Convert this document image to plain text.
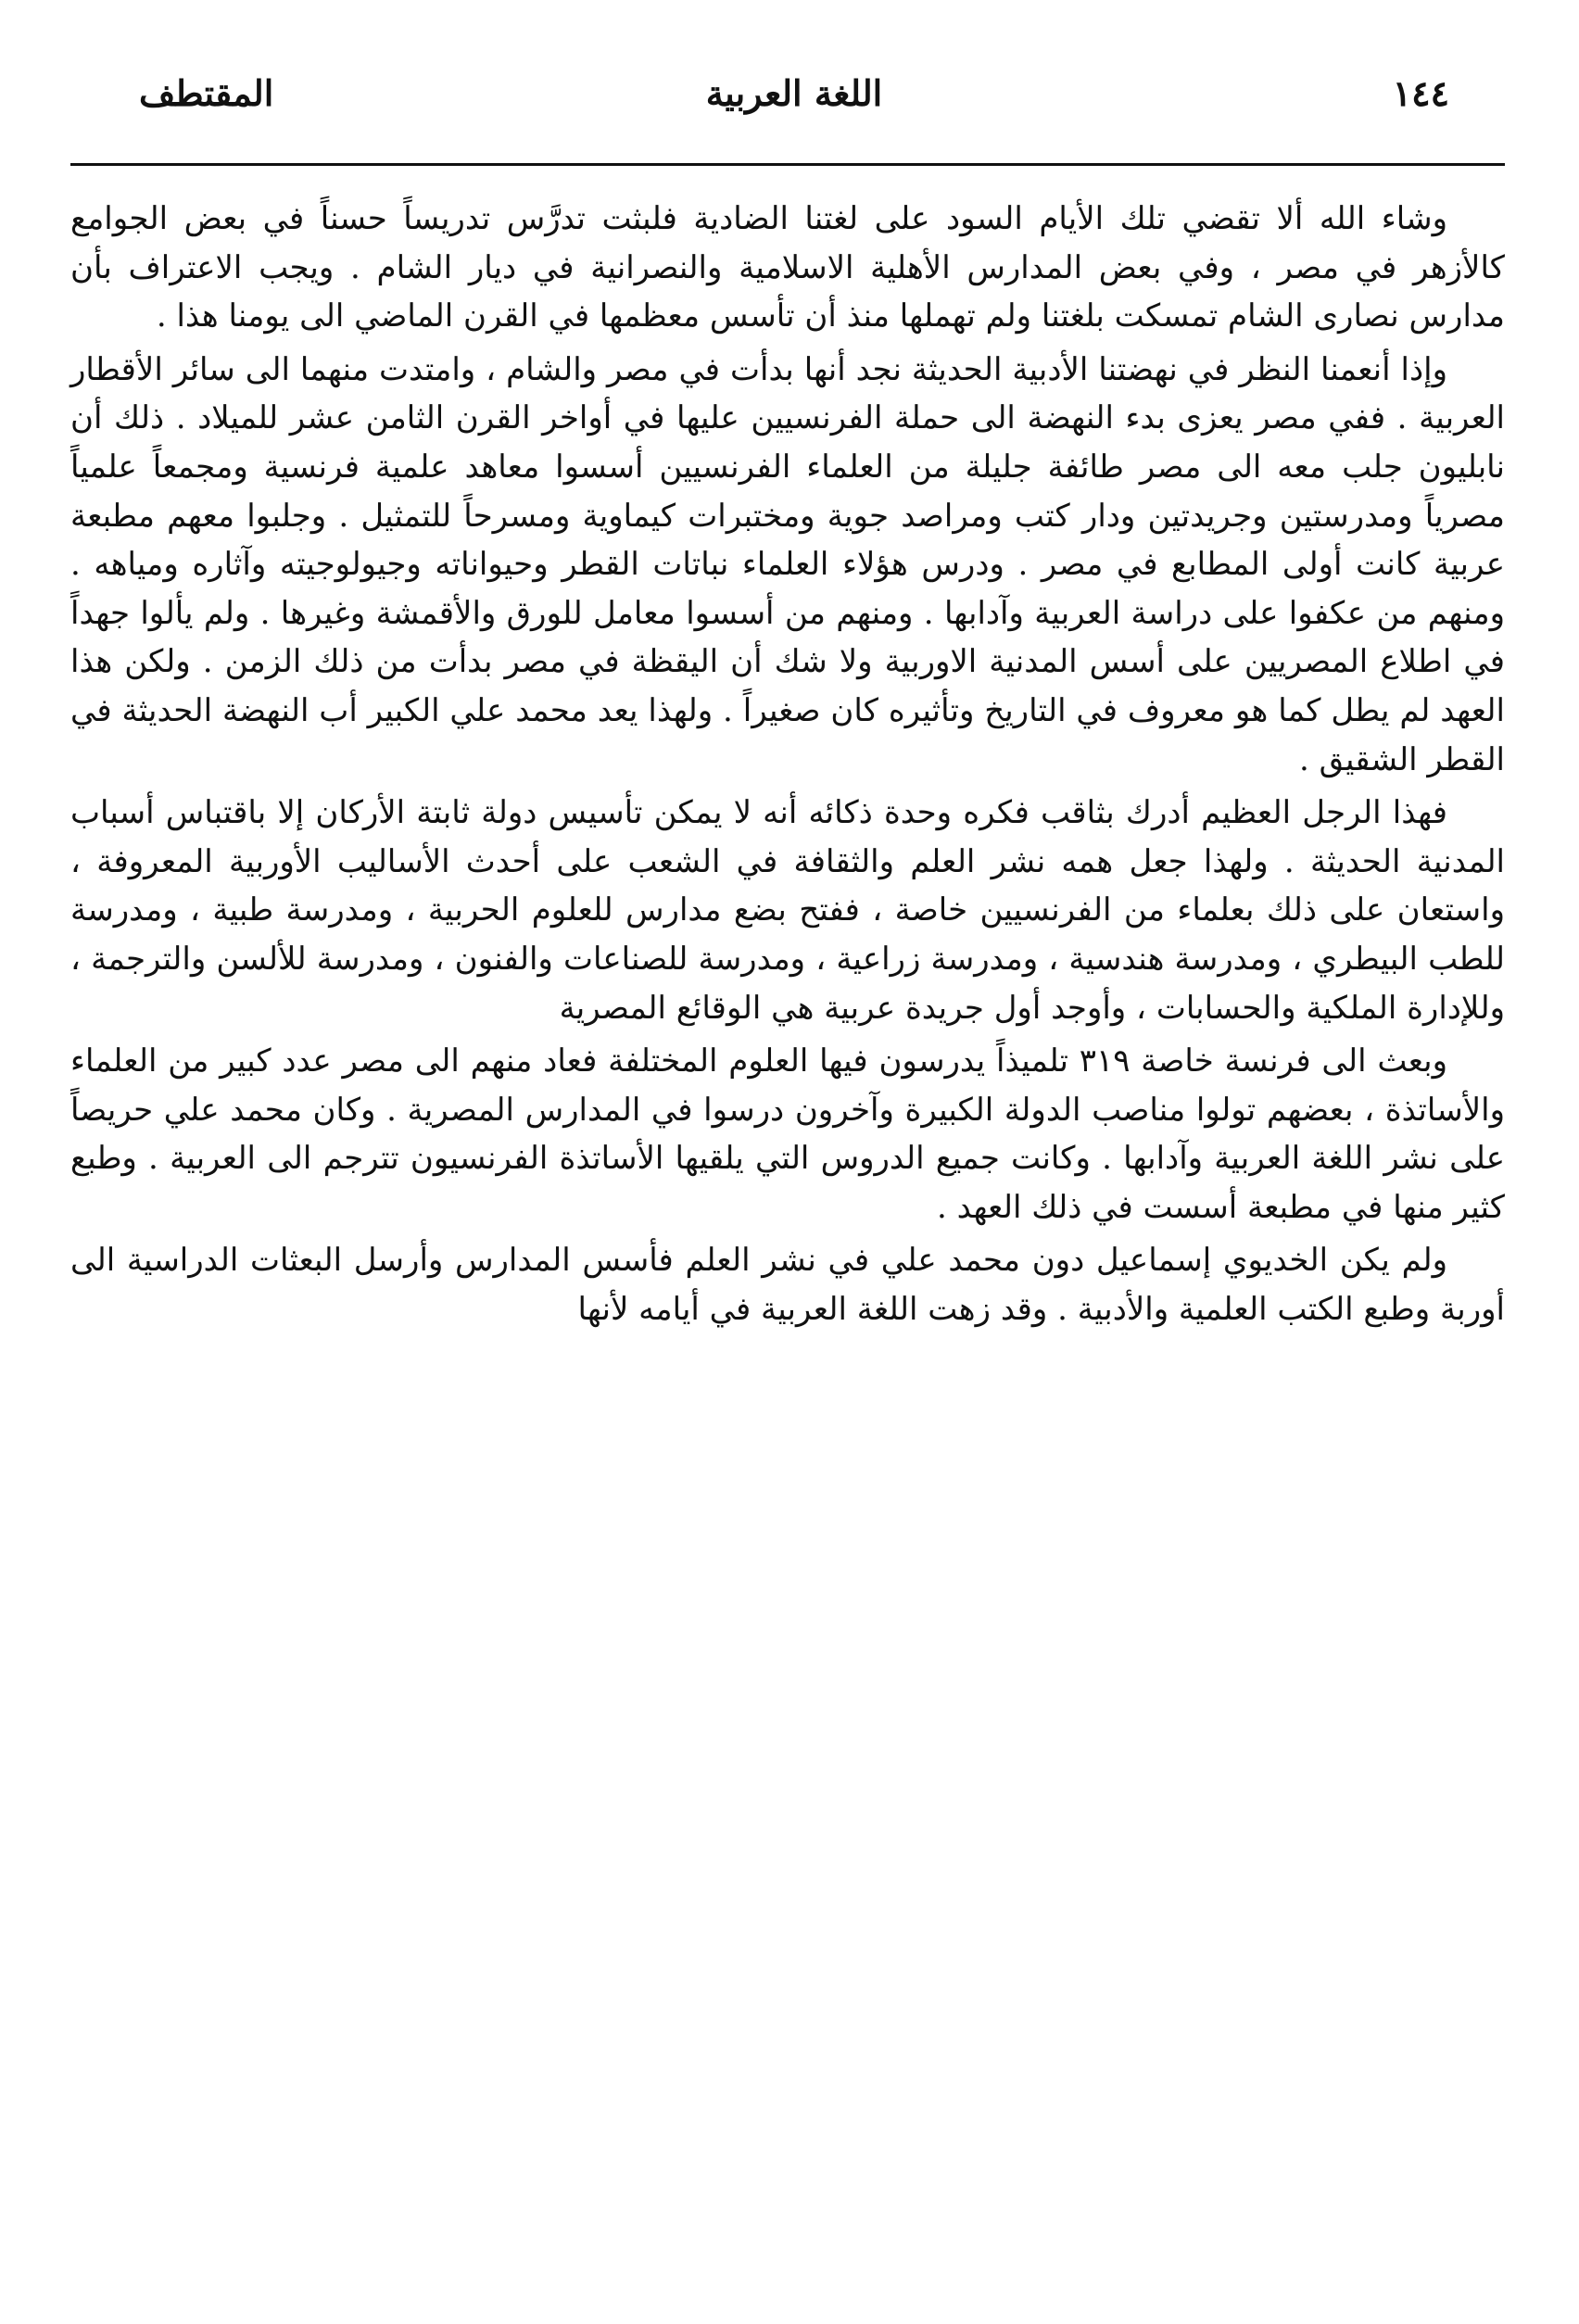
١٤٤
اللغة العربية
المقتطف

وشاء الله ألا تقضي تلك الأيام السود على لغتنا الضادية فلبثت تدرَّس تدريساً حسناً في بعض الجوامع كالأزهر في مصر ، وفي بعض المدارس الأهلية الاسلامية والنصرانية في ديار الشام . ويجب الاعتراف بأن مدارس نصارى الشام تمسكت بلغتنا ولم تهملها منذ أن تأسس معظمها في القرن الماضي الى يومنا هذا .

وإذا أنعمنا النظر في نهضتنا الأدبية الحديثة نجد أنها بدأت في مصر والشام ، وامتدت منهما الى سائر الأقطار العربية . ففي مصر يعزى بدء النهضة الى حملة الفرنسيين عليها في أواخر القرن الثامن عشر للميلاد . ذلك أن نابليون جلب معه الى مصر طائفة جليلة من العلماء الفرنسيين أسسوا معاهد علمية فرنسية ومجمعاً علمياً مصرياً ومدرستين وجريدتين ودار كتب ومراصد جوية ومختبرات كيماوية ومسرحاً للتمثيل . وجلبوا معهم مطبعة عربية كانت أولى المطابع في مصر . ودرس هؤلاء العلماء نباتات القطر وحيواناته وجيولوجيته وآثاره ومياهه . ومنهم من عكفوا على دراسة العربية وآدابها . ومنهم من أسسوا معامل للورق والأقمشة وغيرها . ولم يألوا جهداً في اطلاع المصريين على أسس المدنية الاوربية ولا شك أن اليقظة في مصر بدأت من ذلك الزمن . ولكن هذا العهد لم يطل كما هو معروف في التاريخ وتأثيره كان صغيراً . ولهذا يعد محمد علي الكبير أب النهضة الحديثة في القطر الشقيق .

فهذا الرجل العظيم أدرك بثاقب فكره وحدة ذكائه أنه لا يمكن تأسيس دولة ثابتة الأركان إلا باقتباس أسباب المدنية الحديثة . ولهذا جعل همه نشر العلم والثقافة في الشعب على أحدث الأساليب الأوربية المعروفة ، واستعان على ذلك بعلماء من الفرنسيين خاصة ، ففتح بضع مدارس للعلوم الحربية ، ومدرسة طبية ، ومدرسة للطب البيطري ، ومدرسة هندسية ، ومدرسة زراعية ، ومدرسة للصناعات والفنون ، ومدرسة للألسن والترجمة ، وللإدارة الملكية والحسابات ، وأوجد أول جريدة عربية هي الوقائع المصرية

وبعث الى فرنسة خاصة ٣١٩ تلميذاً يدرسون فيها العلوم المختلفة فعاد منهم الى مصر عدد كبير من العلماء والأساتذة ، بعضهم تولوا مناصب الدولة الكبيرة وآخرون درسوا في المدارس المصرية . وكان محمد علي حريصاً على نشر اللغة العربية وآدابها . وكانت جميع الدروس التي يلقيها الأساتذة الفرنسيون تترجم الى العربية . وطبع كثير منها في مطبعة أسست في ذلك العهد .

ولم يكن الخديوي إسماعيل دون محمد علي في نشر العلم فأسس المدارس وأرسل البعثات الدراسية الى أوربة وطبع الكتب العلمية والأدبية . وقد زهت اللغة العربية في أيامه لأنها
